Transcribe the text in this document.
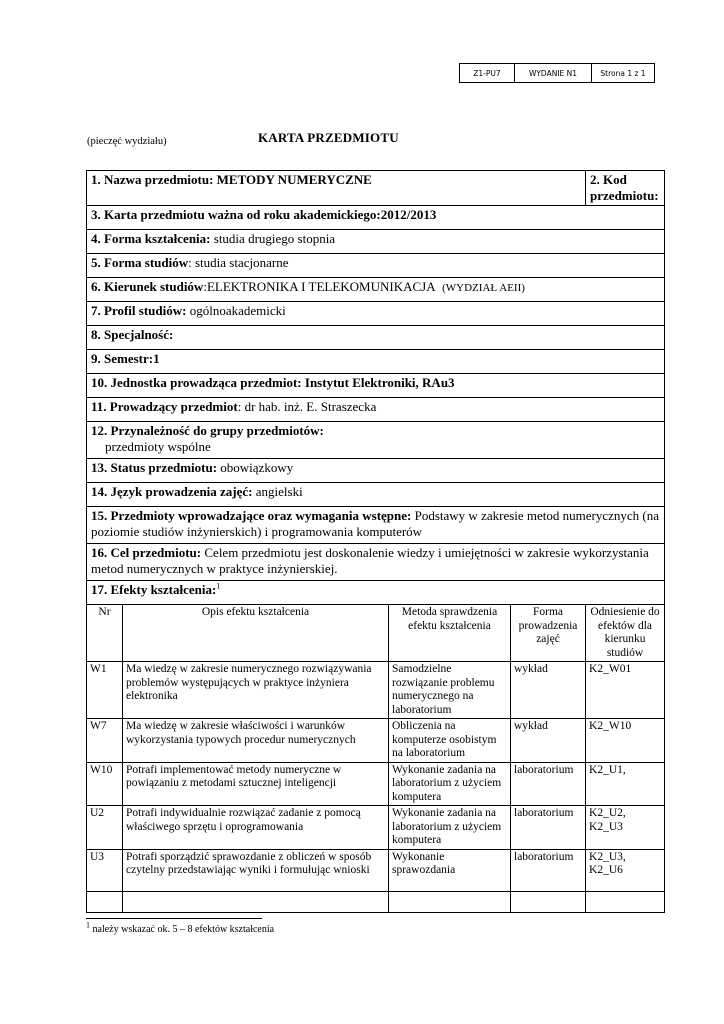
Z1-PU7	WYDANIE N1	Strona 1 z 1
(pieczęć wydziału)	KARTA PRZEDMIOTU
1. Nazwa przedmiotu: METODY NUMERYCZNE				2. Kod przedmiotu:
3. Karta przedmiotu ważna od roku akademickiego:2012/2013				
4. Forma kształcenia: studia drugiego stopnia				
5. Forma studiów: studia stacjonarne				
6. Kierunek studiów:ELEKTRONIKA I TELEKOMUNIKACJA (WYDZIAŁ AEII)				
7. Profil studiów: ogólnoakademicki				
8. Specjalność:				
9. Semestr:1				
10. Jednostka prowadząca przedmiot: Instytut Elektroniki, RAu3				
11. Prowadzący przedmiot: dr hab. inż. E. Straszecka				
12. Przynależność do grupy przedmiotów:
przedmioty wspólne				
13. Status przedmiotu: obowiązkowy				
14. Język prowadzenia zajęć: angielski				
15. Przedmioty wprowadzające oraz wymagania wstępne: Podstawy w zakresie metod numerycznych (na poziomie studiów inżynierskich) i programowania komputerów				
16. Cel przedmiotu: Celem przedmiotu jest doskonalenie wiedzy i umiejętności w zakresie wykorzystania metod numerycznych w praktyce inżynierskiej.				
17. Efekty kształcenia:$^1$
Nr	Opis efektu kształcenia	Metoda sprawdzenia efektu kształcenia	Forma prowadzenia zajęć	Odniesienie do efektów dla kierunku studiów
W1	Ma wiedzę w zakresie numerycznego rozwiązywania problemów występujących w praktyce inżyniera elektronika	Samodzielne rozwiązanie problemu numerycznego na laboratorium	wykład	K2_W01
W7	Ma wiedzę w zakresie właściwości i warunków wykorzystania typowych procedur numerycznych	Obliczenia na komputerze osobistym na laboratorium	wykład	K2_W10
W10	Potrafi implementować metody numeryczne w powiązaniu z metodami sztucznej inteligencji	Wykonanie zadania na laboratorium z użyciem komputera	laboratorium	K2_U1,
U2	Potrafi indywidualnie rozwiązać zadanie z pomocą właściwego sprzętu i oprogramowania	Wykonanie zadania na laboratorium z użyciem komputera	laboratorium	K2_U2, K2_U3
U3	Potrafi sporządzić sprawozdanie z obliczeń w sposób czytelny przedstawiając wyniki i formułując wnioski	Wykonanie sprawozdania	laboratorium	K2_U3, K2_U6

$^1$ należy wskazać ok. 5 – 8 efektów kształcenia
